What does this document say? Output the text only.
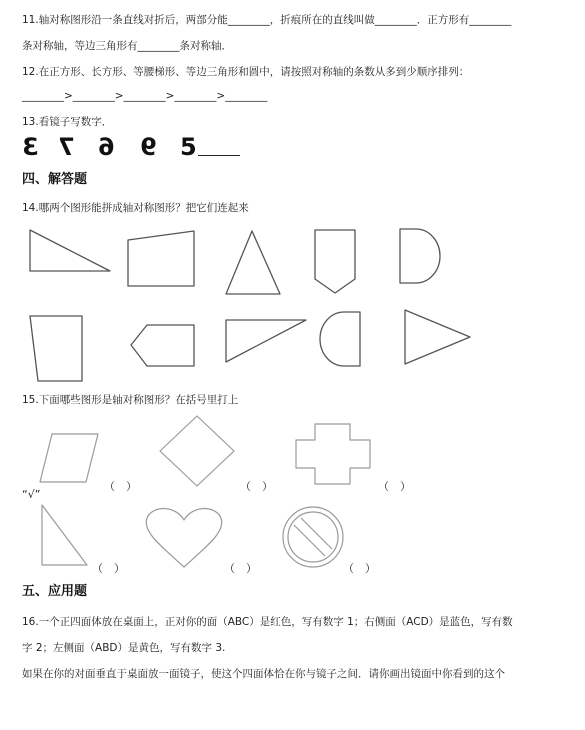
11.轴对称图形沿一条直线对折后，两部分能________，折痕所在的直线叫做________．正方形有________
条对称轴，等边三角形有________条对称轴．
12.在正方形、长方形、等腰梯形、等边三角形和圆中，请按照对称轴的条数从多到少顺序排列：
________>________>________>________>________
13.看镜子写数字．
3 7 6 9 5
四、解答题
14.哪两个图形能拼成轴对称图形？把它们连起来
15.下面哪些图形是轴对称图形？在括号里打上
（　）	（　）	（　）
“√”
（　）	（　）	（　）
五、应用题
16.一个正四面体放在桌面上，正对你的面（ABC）是红色，写有数字 1；右侧面（ACD）是蓝色，写有数
字 2；左侧面（ABD）是黄色，写有数字 3.
如果在你的对面垂直于桌面放一面镜子，使这个四面体恰在你与镜子之间．请你画出镜面中你看到的这个
